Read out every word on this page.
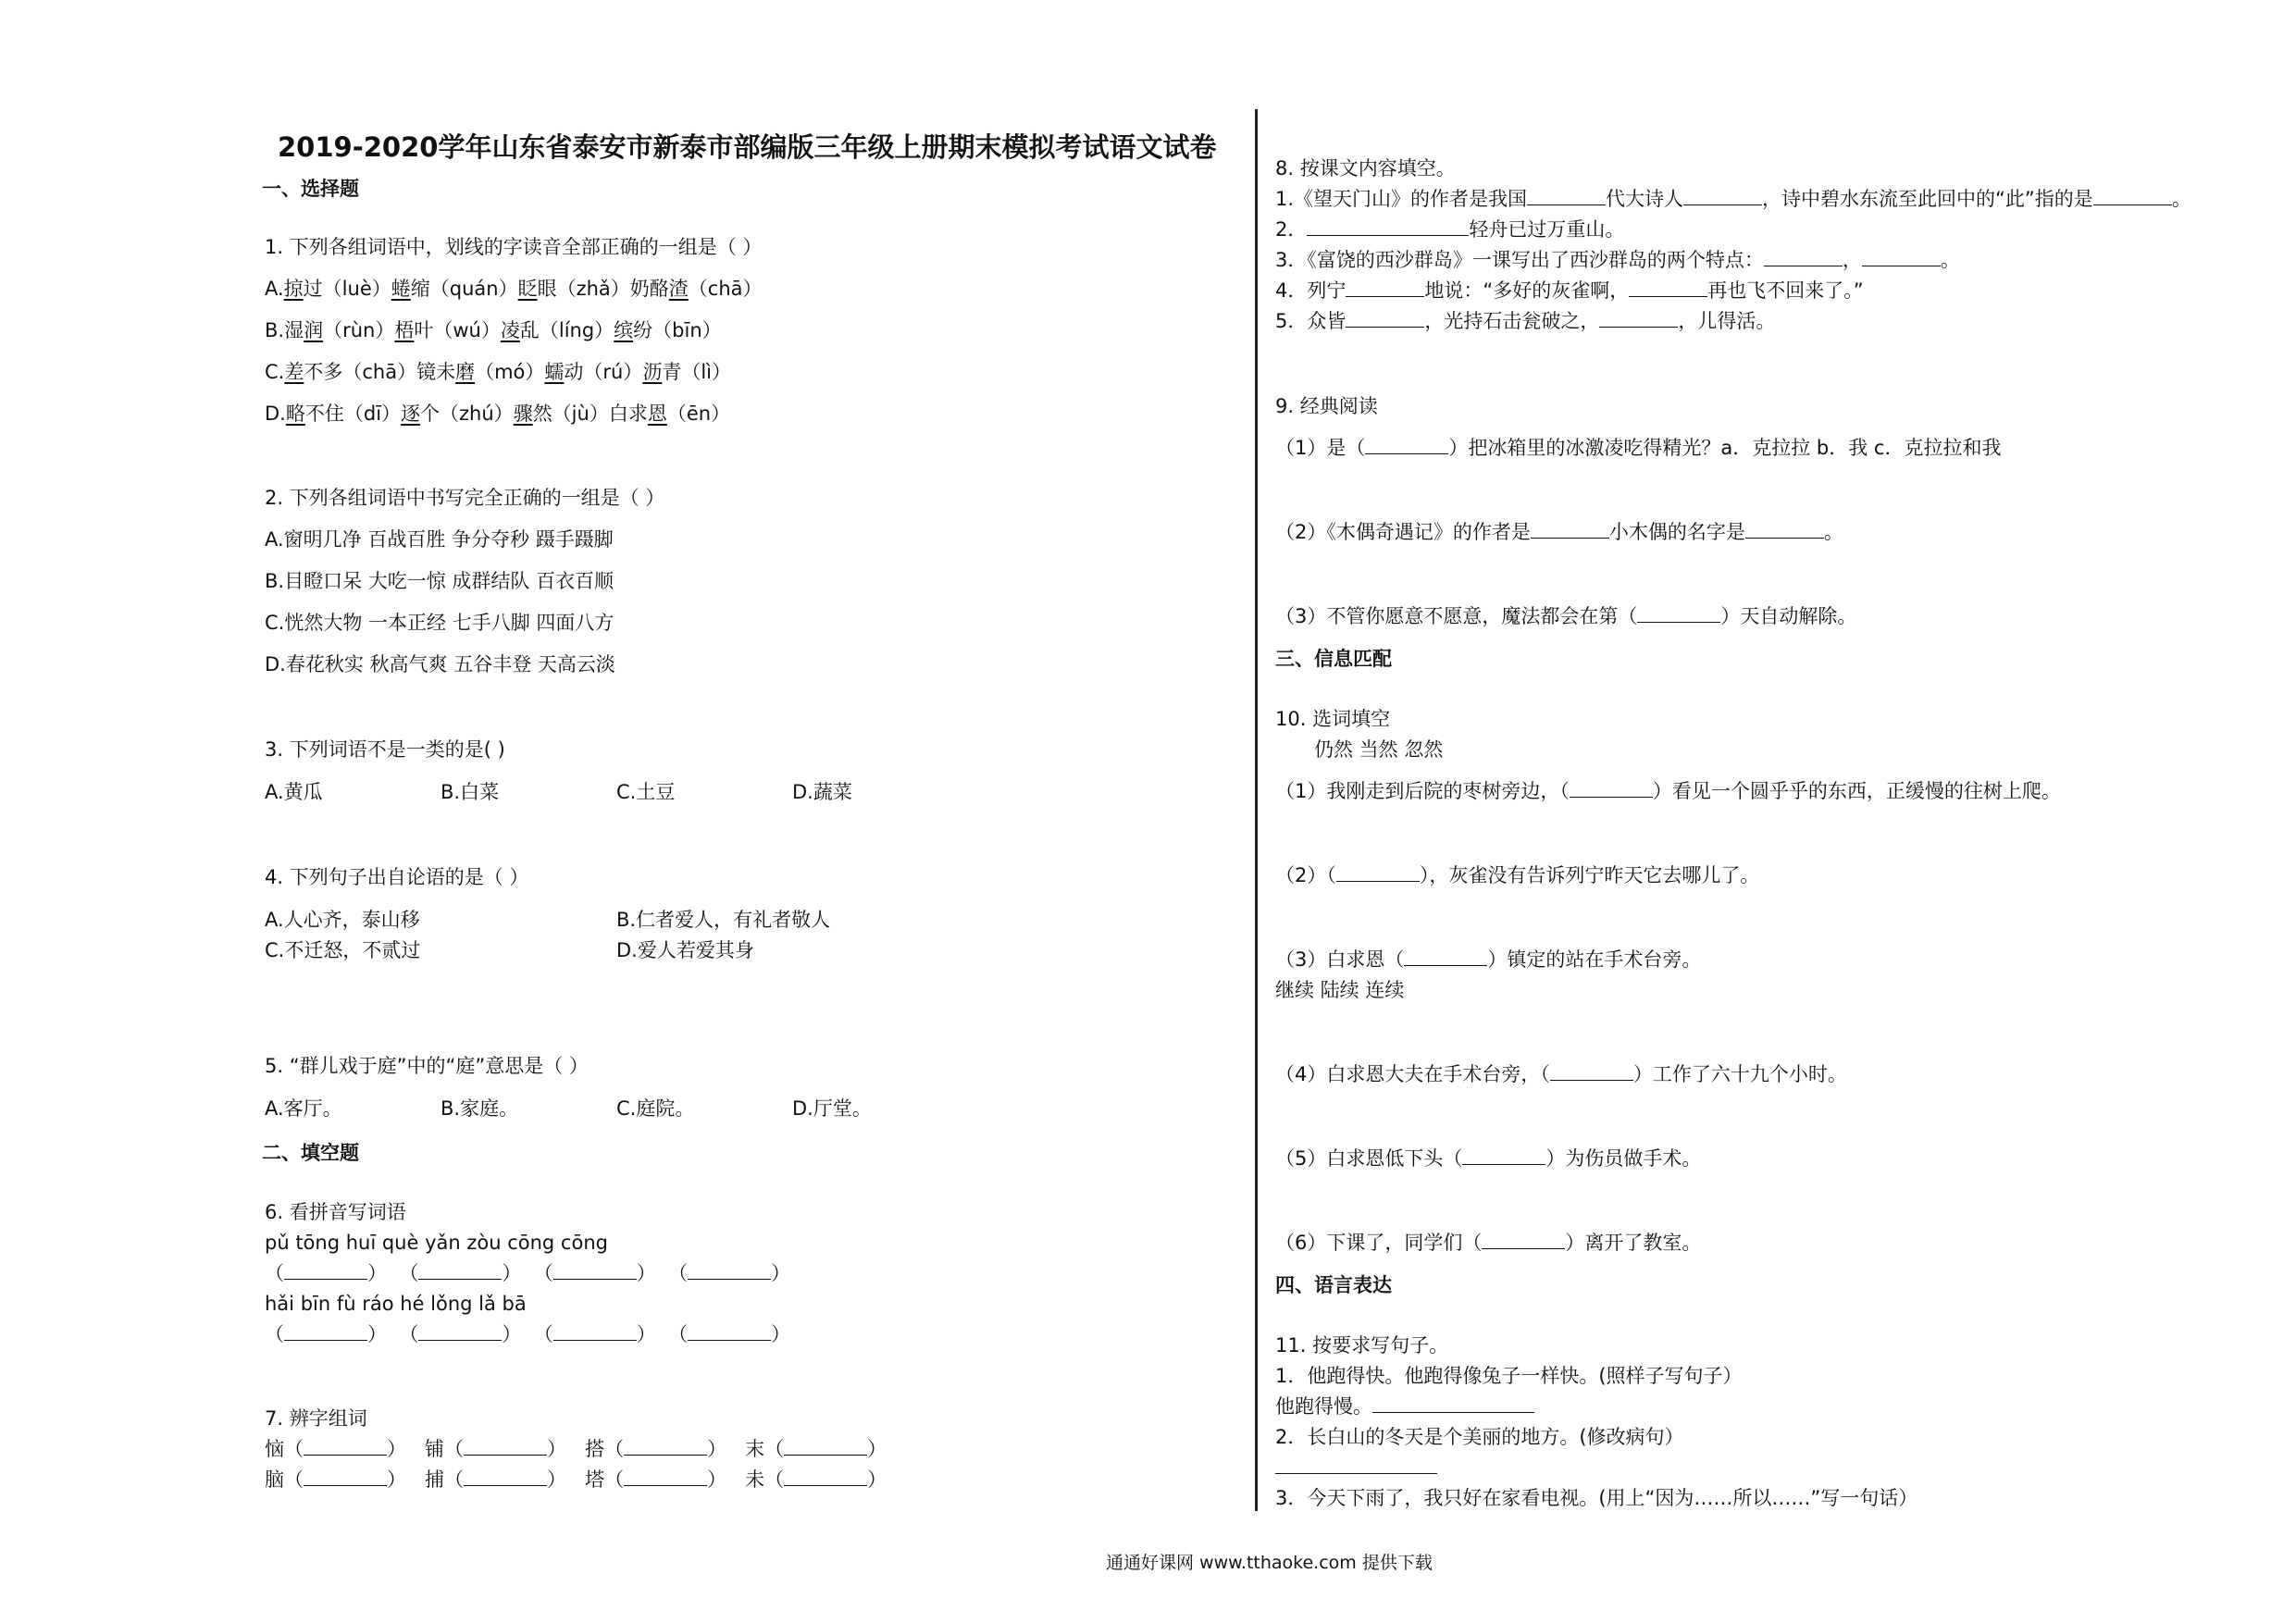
2019-2020学年山东省泰安市新泰市部编版三年级上册期末模拟考试语文试卷
一、选择题
1. 下列各组词语中，划线的字读音全部正确的一组是（ ）
A.掠过（luè）蜷缩（quán）眨眼（zhǎ）奶酪渣（chā）
B.湿润（rùn）梧叶（wú）凌乱（líng）缤纷（bīn）
C.差不多（chā）镜未磨（mó）蠕动（rú）沥青（lì）
D.略不住（dī）逐个（zhú）骤然（jù）白求恩（ēn）
2. 下列各组词语中书写完全正确的一组是（ ）
A.窗明几净 百战百胜 争分夺秒 蹑手蹑脚
B.目瞪口呆 大吃一惊 成群结队 百衣百顺
C.恍然大物 一本正经 七手八脚 四面八方
D.春花秋实 秋高气爽 五谷丰登 天高云淡
3. 下列词语不是一类的是( )
A.黄瓜	B.白菜	C.土豆	D.蔬菜
4. 下列句子出自论语的是（ ）
A.人心齐，泰山移	B.仁者爱人，有礼者敬人
C.不迁怒，不贰过	D.爱人若爱其身
5. “群儿戏于庭”中的“庭”意思是（ ）
A.客厅。	B.家庭。	C.庭院。	D.厅堂。
二、填空题
6. 看拼音写词语
pǔ tōng huī què yǎn zòu cōng cōng
（	） （	） （	） （	）
hǎi bīn fù ráo hé lǒng lǎ bā
（	） （	） （	） （	）
7. 辨字组词
恼（	） 铺（	） 搭（	） 末（	）
脑（	） 捕（	） 塔（	） 未（	）
8. 按课文内容填空。
1.《望天门山》的作者是我国	代大诗人	，诗中碧水东流至此回中的“此”指的是	。
2．	轻舟已过万重山。
3．《富饶的西沙群岛》一课写出了西沙群岛的两个特点：	，	。
4．列宁	地说：“多好的灰雀啊，	再也飞不回来了。”
5．众皆	，光持石击瓮破之，	，儿得活。
9. 经典阅读
（1）是（	）把冰箱里的冰激凌吃得精光？a．克拉拉 b．我 c．克拉拉和我
（2）《木偶奇遇记》的作者是	小木偶的名字是	。
（3）不管你愿意不愿意，魔法都会在第（	）天自动解除。
三、信息匹配
10. 选词填空
仍然 当然 忽然
（1）我刚走到后院的枣树旁边，（	）看见一个圆乎乎的东西，正缓慢的往树上爬。
（2）（	），灰雀没有告诉列宁昨天它去哪儿了。
（3）白求恩（	）镇定的站在手术台旁。
继续 陆续 连续
（4）白求恩大夫在手术台旁，（	）工作了六十九个小时。
（5）白求恩低下头（	）为伤员做手术。
（6）下课了，同学们（	）离开了教室。
四、语言表达
11. 按要求写句子。
1．他跑得快。他跑得像兔子一样快。(照样子写句子）
他跑得慢。
2．长白山的冬天是个美丽的地方。(修改病句）
3．今天下雨了，我只好在家看电视。(用上“因为……所以……”写一句话）
通通好课网 www.tthaoke.com 提供下载
